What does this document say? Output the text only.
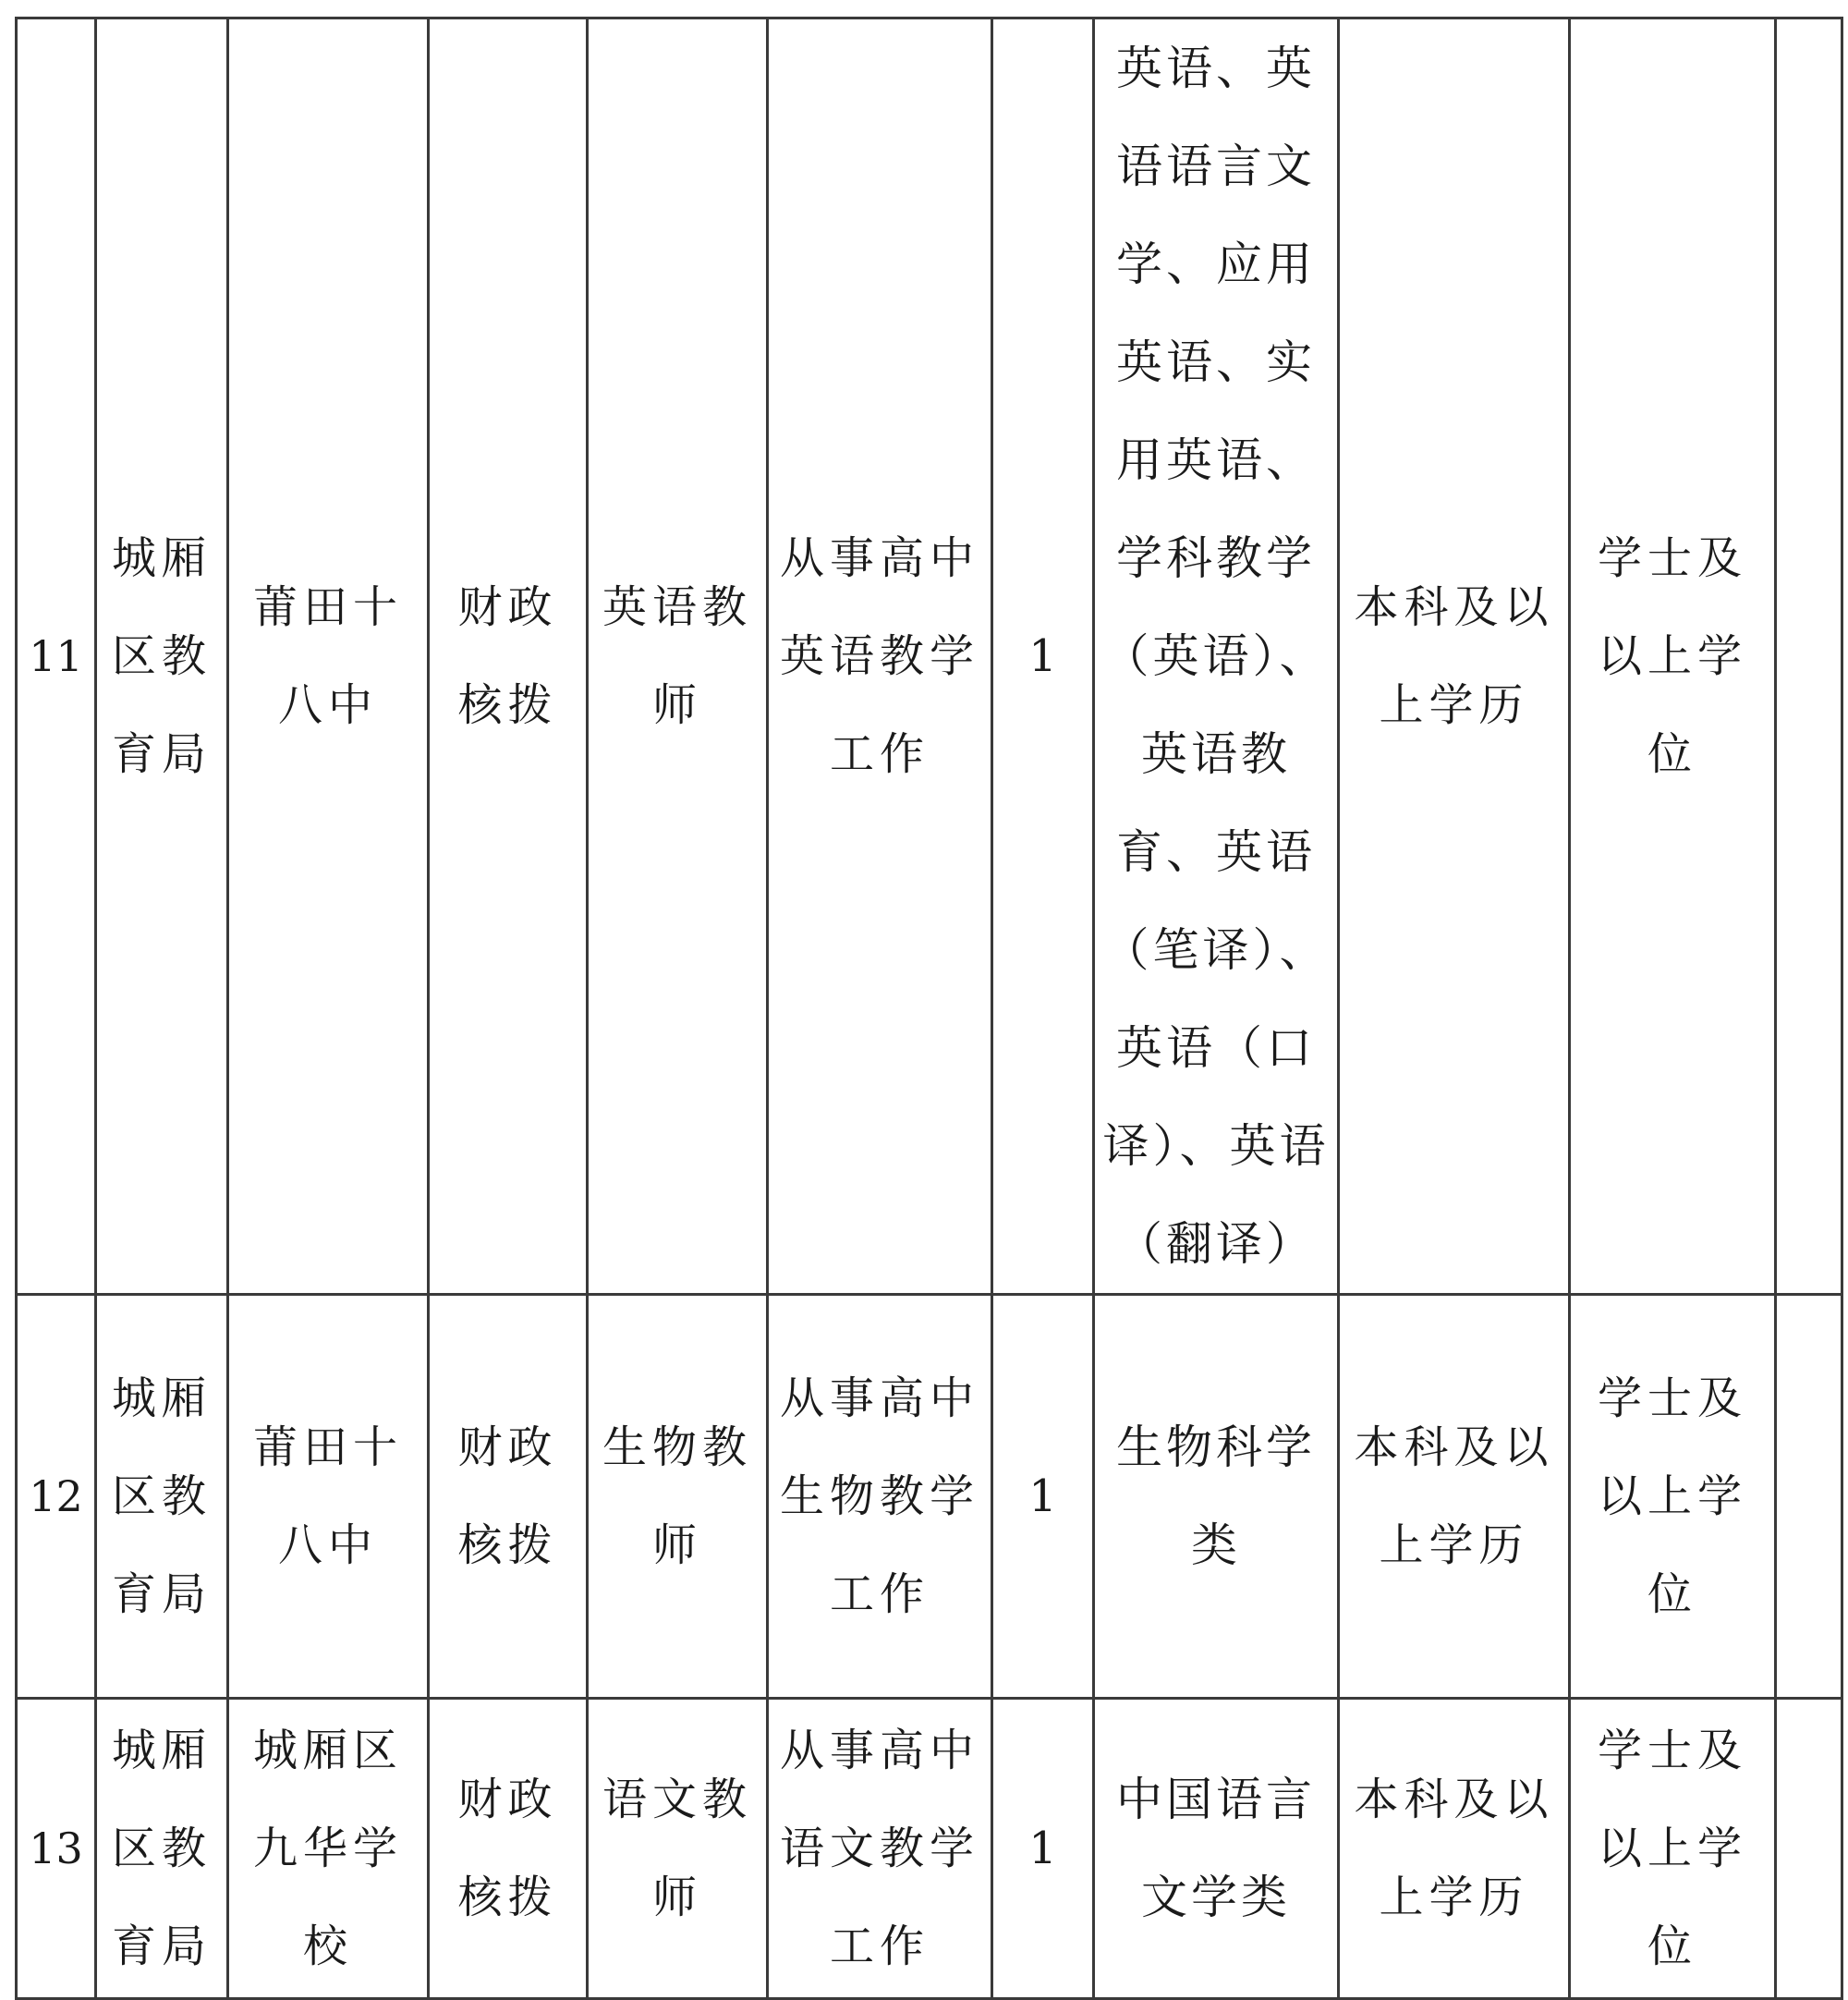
11	城厢区教育局	莆田十八中	财政核拨	英语教师	从事高中英语教学工作	1	英语、英语语言文学、应用英语、实用英语、学科教学（英语）、英语教育、英语（笔译）、英语（口译）、英语（翻译）	本科及以上学历	学士及以上学位	
12	城厢区教育局	莆田十八中	财政核拨	生物教师	从事高中生物教学工作	1	生物科学类	本科及以上学历	学士及以上学位	
13	城厢区教育局	城厢区九华学校	财政核拨	语文教师	从事高中语文教学工作	1	中国语言文学类	本科及以上学历	学士及以上学位	
